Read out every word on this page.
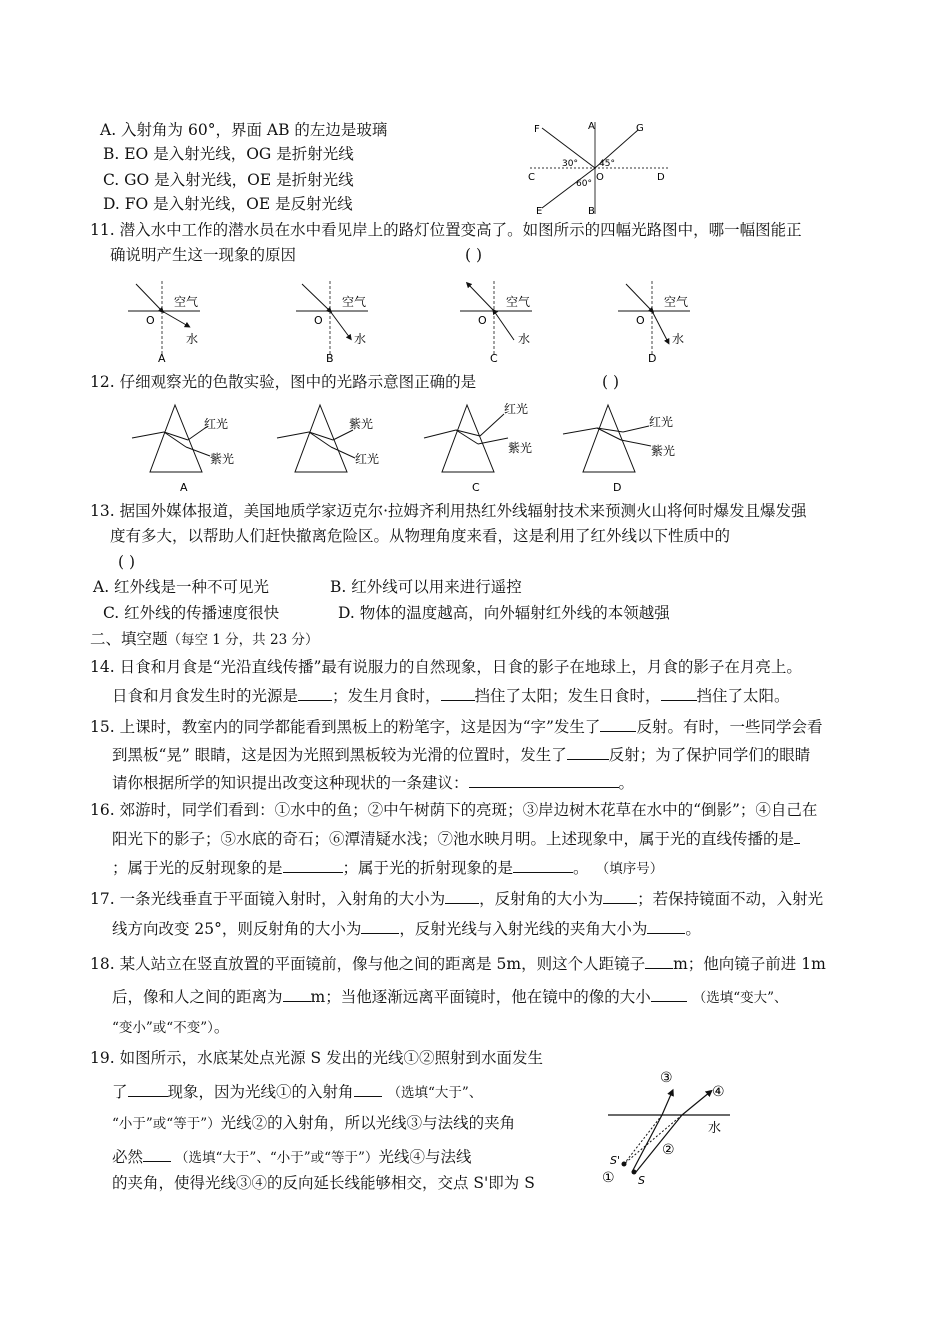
A. 入射角为 60°，界面 AB 的左边是玻璃
B. EO 是入射光线，OG 是折射光线
C. GO 是入射光线，OE 是折射光线
D. FO 是入射光线，OE 是反射光线
F	A	G
C	O	D
E	B
30° 45°
60°
11. 潜入水中工作的潜水员在水中看见岸上的路灯位置变高了。如图所示的四幅光路图中，哪一幅图能正
确说明产生这一现象的原因	( )
空气
O
水
A
空气
O
水
B
空气
O
水
C
空气
O
水
D
12. 仔细观察光的色散实验，图中的光路示意图正确的是	( )
红光
紫光
A
紫光
红光
红光
紫光
C
红光
紫光
D
13. 据国外媒体报道，美国地质学家迈克尔·拉姆齐利用热红外线辐射技术来预测火山将何时爆发且爆发强
度有多大，以帮助人们赶快撤离危险区。从物理角度来看，这是利用了红外线以下性质中的
( )
A. 红外线是一种不可见光	B. 红外线可以用来进行遥控
C. 红外线的传播速度很快	D. 物体的温度越高，向外辐射红外线的本领越强
二、填空题（每空 1 分，共 23 分）
14. 日食和月食是“光沿直线传播”最有说服力的自然现象，日食的影子在地球上，月食的影子在月亮上。
日食和月食发生时的光源是 ；发生月食时， 挡住了太阳；发生日食时， 挡住了太阳。
15. 上课时，教室内的同学都能看到黑板上的粉笔字，这是因为“字”发生了 反射。有时，一些同学会看
到黑板“晃” 眼睛，这是因为光照到黑板较为光滑的位置时，发生了	反射；为了保护同学们的眼睛
请你根据所学的知识提出改变这种现状的一条建议：	。
16. 郊游时，同学们看到：①水中的鱼；②中午树荫下的亮斑；③岸边树木花草在水中的“倒影”；④自己在
阳光下的影子；⑤水底的奇石；⑥潭清疑水浅；⑦池水映月明。上述现象中，属于光的直线传播的是
；属于光的反射现象的是	；属于光的折射现象的是	。 （填序号）
17. 一条光线垂直于平面镜入射时，入射角的大小为 ，反射角的大小为 ；若保持镜面不动，入射光
线方向改变 25°，则反射角的大小为 ，反射光线与入射光线的夹角大小为 。
18. 某人站立在竖直放置的平面镜前，像与他之间的距离是 5m，则这个人距镜子 m；他向镜子前进 1m
后，像和人之间的距离为 m；当他逐渐远离平面镜时，他在镜中的像的大小	（选填“变大”、
“变小”或“不变”）。
19. 如图所示，水底某处点光源 S 发出的光线①②照射到水面发生
了	现象，因为光线①的入射角	（选填“大于”、
“小于”或“等于”）光线②的入射角，所以光线③与法线的夹角
必然 （选填“大于”、“小于”或“等于”）光线④与法线
的夹角，使得光线③④的反向延长线能够相交，交点 S'即为 S
水
③
④
②
①
S'
S
